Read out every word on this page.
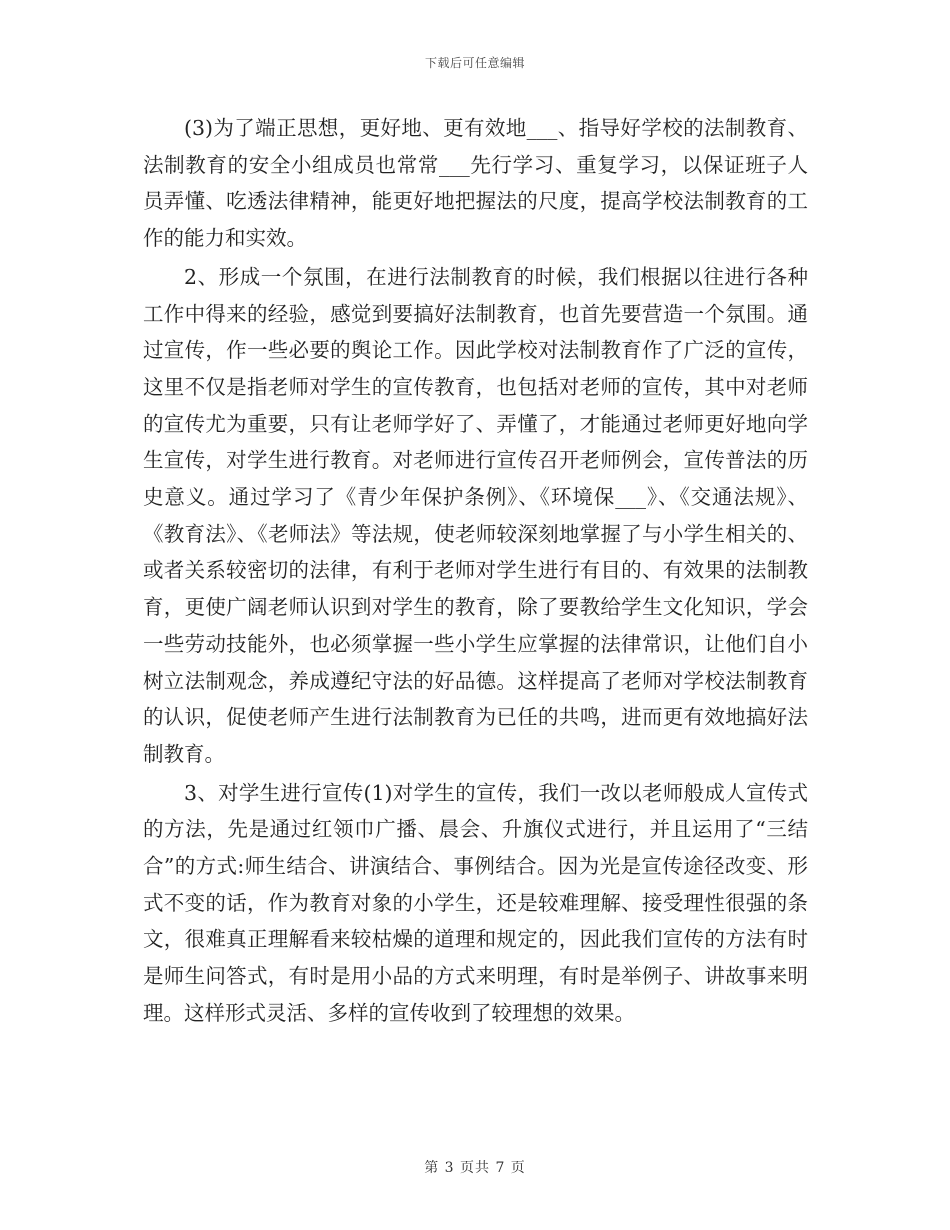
下载后可任意编辑

(3)为了端正思想，更好地、更有效地___、指导好学校的法制教育、法制教育的安全小组成员也常常___先行学习、重复学习，以保证班子人员弄懂、吃透法律精神，能更好地把握法的尺度，提高学校法制教育的工作的能力和实效。

2、形成一个氛围，在进行法制教育的时候，我们根据以往进行各种工作中得来的经验，感觉到要搞好法制教育，也首先要营造一个氛围。通过宣传，作一些必要的舆论工作。因此学校对法制教育作了广泛的宣传，这里不仅是指老师对学生的宣传教育，也包括对老师的宣传，其中对老师的宣传尤为重要，只有让老师学好了、弄懂了，才能通过老师更好地向学生宣传，对学生进行教育。对老师进行宣传召开老师例会，宣传普法的历史意义。通过学习了《青少年保护条例》、《环境保___》、《交通法规》、《教育法》、《老师法》等法规，使老师较深刻地掌握了与小学生相关的、或者关系较密切的法律，有利于老师对学生进行有目的、有效果的法制教育，更使广阔老师认识到对学生的教育，除了要教给学生文化知识，学会一些劳动技能外，也必须掌握一些小学生应掌握的法律常识，让他们自小树立法制观念，养成遵纪守法的好品德。这样提高了老师对学校法制教育的认识，促使老师产生进行法制教育为已任的共鸣，进而更有效地搞好法制教育。

3、对学生进行宣传(1)对学生的宣传，我们一改以老师般成人宣传式的方法，先是通过红领巾广播、晨会、升旗仪式进行，并且运用了“三结合”的方式:师生结合、讲演结合、事例结合。因为光是宣传途径改变、形式不变的话，作为教育对象的小学生，还是较难理解、接受理性很强的条文，很难真正理解看来较枯燥的道理和规定的，因此我们宣传的方法有时是师生问答式，有时是用小品的方式来明理，有时是举例子、讲故事来明理。这样形式灵活、多样的宣传收到了较理想的效果。

第 3 页共 7 页
